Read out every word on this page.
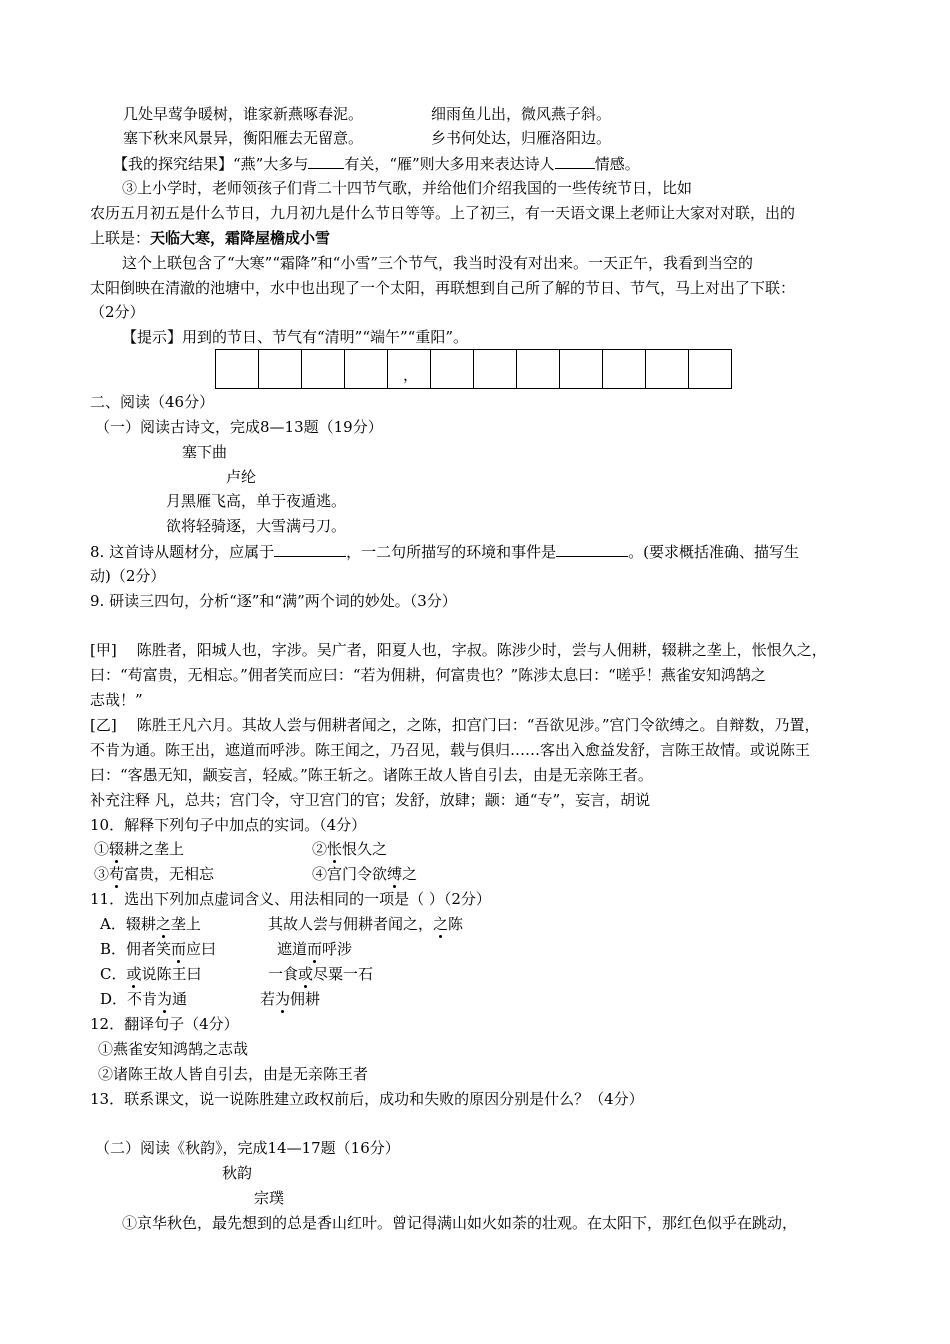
几处早莺争暖树，谁家新燕啄春泥。	细雨鱼儿出，微风燕子斜。
塞下秋来风景异，衡阳雁去无留意。	乡书何处达，归雁洛阳边。
【我的探究结果】“燕”大多与 有关，“雁”则大多用来表达诗人	情感。
③上小学时，老师领孩子们背二十四节气歌，并给他们介绍我国的一些传统节日，比如
农历五月初五是什么节日，九月初九是什么节日等等。上了初三，有一天语文课上老师让大家对对联，出的
上联是：天临大寒，霜降屋檐成小雪
这个上联包含了“大寒”“霜降”和“小雪”三个节气，我当时没有对出来。一天正午，我看到当空的
太阳倒映在清澈的池塘中，水中也出现了一个太阳，再联想到自己所了解的节日、节气，马上对出了下联：
（2分）
【提示】用到的节日、节气有“清明”“端午”“重阳”。
，
二、阅读（46分）
（一）阅读古诗文，完成8—13题（19分）
塞下曲
卢纶
月黑雁飞高，单于夜遁逃。
欲将轻骑逐，大雪满弓刀。
8. 这首诗从题材分，应属于	，一二句所描写的环境和事件是	。(要求概括准确、描写生
动)（2分）
9. 研读三四句，分析“逐”和“满”两个词的妙处。（3分）
[甲] 陈胜者，阳城人也，字涉。吴广者，阳夏人也，字叔。陈涉少时，尝与人佣耕，辍耕之垄上，怅恨久之，
曰：“苟富贵，无相忘。”佣者笑而应曰：“若为佣耕，何富贵也？”陈涉太息曰：“嗟乎！燕雀安知鸿鹄之
志哉！”
[乙] 陈胜王凡六月。其故人尝与佣耕者闻之，之陈，扣宫门曰：“吾欲见涉。”宫门令欲缚之。自辩数，乃置，
不肯为通。陈王出，遮道而呼涉。陈王闻之，乃召见，载与俱归……客出入愈益发舒，言陈王故情。或说陈王
曰：“客愚无知，颛妄言，轻威。”陈王斩之。诸陈王故人皆自引去，由是无亲陈王者。
补充注释 凡，总共；宫门令，守卫宫门的官；发舒，放肆；颛：通“专”，妄言，胡说
10．解释下列句子中加点的实词。（4分）
①辍耕之垄上	②怅恨久之
③苟富贵，无相忘	④宫门令欲缚之
11．选出下列加点虚词含义、用法相同的一项是（ ）（2分）
A．辍耕之垄上	其故人尝与佣耕者闻之，之陈
B．佣者笑而应曰	遮道而呼涉
C．或说陈王曰	一食或尽粟一石
D．不肯为通	若为佣耕
12．翻译句子（4分）
①燕雀安知鸿鹄之志哉
②诸陈王故人皆自引去，由是无亲陈王者
13．联系课文，说一说陈胜建立政权前后，成功和失败的原因分别是什么？（4分）
（二）阅读《秋韵》，完成14—17题（16分）
秋韵
宗璞
①京华秋色，最先想到的总是香山红叶。曾记得满山如火如荼的壮观。在太阳下，那红色似乎在跳动，
